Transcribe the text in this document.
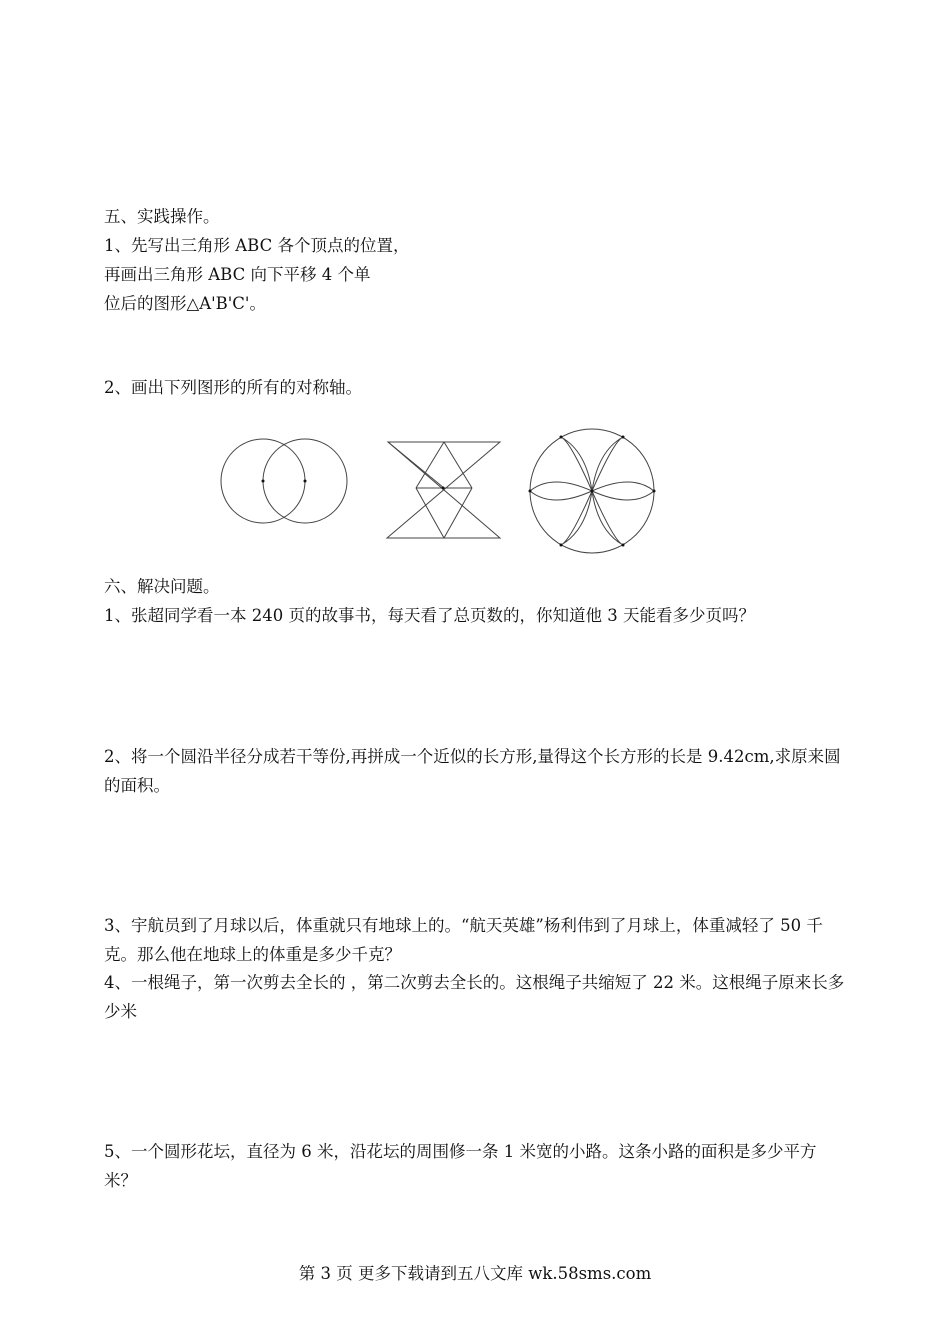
五、实践操作。
1、先写出三角形 ABC 各个顶点的位置，
再画出三角形 ABC 向下平移 4 个单
位后的图形△A'B'C'。
2、画出下列图形的所有的对称轴。
六、解决问题。
1、张超同学看一本 240 页的故事书，每天看了总页数的，你知道他 3 天能看多少页吗？
2、将一个圆沿半径分成若干等份,再拼成一个近似的长方形,量得这个长方形的长是 9.42cm,求原来圆的面积。
3、宇航员到了月球以后，体重就只有地球上的。“航天英雄”杨利伟到了月球上，体重减轻了 50 千克。那么他在地球上的体重是多少千克？
4、一根绳子，第一次剪去全长的 ，第二次剪去全长的。这根绳子共缩短了 22 米。这根绳子原来长多少米
5、一个圆形花坛，直径为 6 米，沿花坛的周围修一条 1 米宽的小路。这条小路的面积是多少平方米？
第 3 页 更多下载请到五八文库 wk.58sms.com
